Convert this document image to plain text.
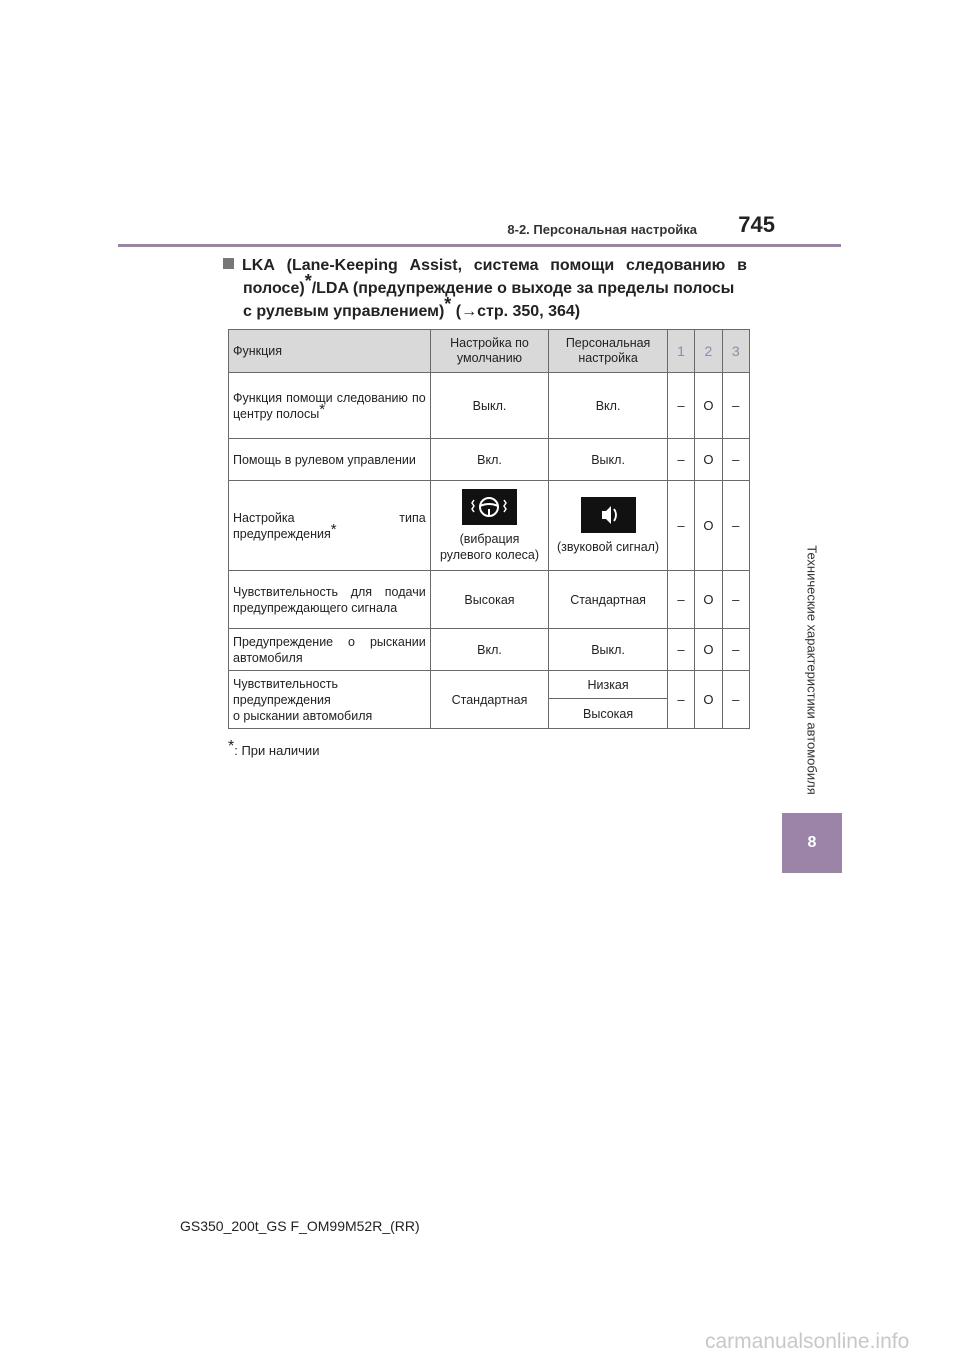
8-2. Персональная настройка	745
Технические характеристики автомобиля
8
LKA (Lane-Keeping Assist, система помощи следованию в
полосе)*/LDA (предупреждение о выходе за пределы полосы
с рулевым управлением)* (→стр. 350, 364)
Функция	Настройка по умолчанию	Персональная настройка	1	2	3
Функция помощи следованию по центру полосы*	Выкл.	Вкл.	–	O	–
Помощь в рулевом управлении	Вкл.	Выкл.	–	O	–
Настройка типа предупреждения*	(вибрация рулевого колеса)	(звуковой сигнал)	–	O	–
Чувствительность для подачи предупреждающего сигнала	Высокая	Стандартная	–	O	–
Предупреждение о рыскании автомобиля	Вкл.	Выкл.	–	O	–

Чувствительность
предупреждения
о рыскании автомобиля	Стандартная	Низкая	–	O	–
		Высокая			
*: При наличии
GS350_200t_GS F_OM99M52R_(RR)
carmanualsonline.info
